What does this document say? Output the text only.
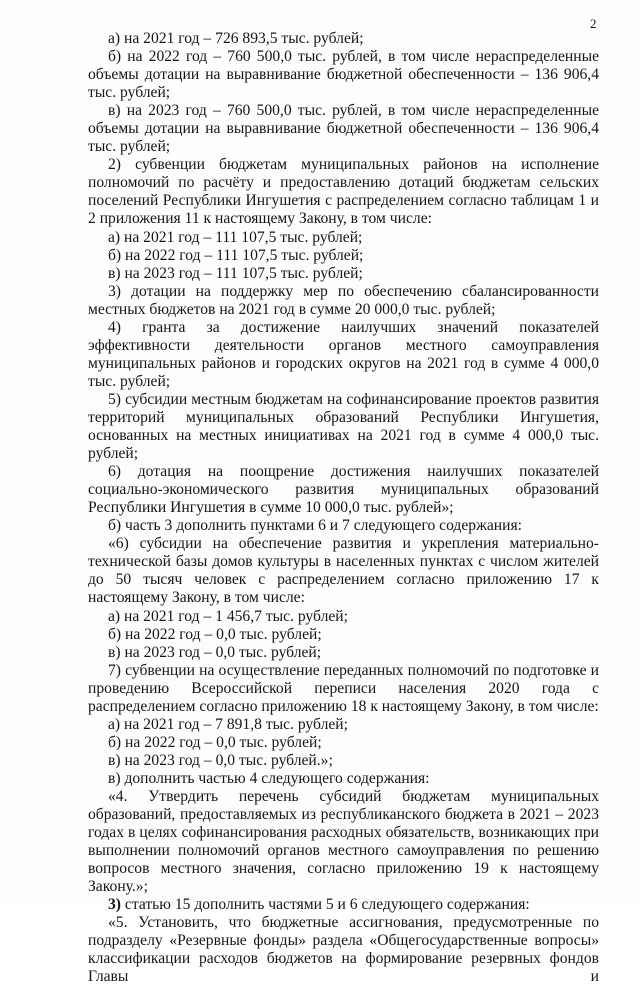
2

а) на 2021 год – 726 893,5 тыс. рублей;

б) на 2022 год – 760 500,0 тыс. рублей, в том числе нераспределенные объемы дотации на выравнивание бюджетной обеспеченности – 136 906,4 тыс. рублей;

в) на 2023 год – 760 500,0 тыс. рублей, в том числе нераспределенные объемы дотации на выравнивание бюджетной обеспеченности – 136 906,4 тыс. рублей;

2) субвенции бюджетам муниципальных районов на исполнение полномочий по расчёту и предоставлению дотаций бюджетам сельских поселений Республики Ингушетия с распределением согласно таблицам 1 и 2 приложения 11 к настоящему Закону, в том числе:

а) на 2021 год – 111 107,5 тыс. рублей;

б) на 2022 год – 111 107,5 тыс. рублей;

в) на 2023 год – 111 107,5 тыс. рублей;

3) дотации на поддержку мер по обеспечению сбалансированности местных бюджетов на 2021 год в сумме 20 000,0 тыс. рублей;

4) гранта за достижение наилучших значений показателей эффективности деятельности органов местного самоуправления муниципальных районов и городских округов на 2021 год в сумме 4 000,0 тыс. рублей;

5) субсидии местным бюджетам на софинансирование проектов развития территорий муниципальных образований Республики Ингушетия, основанных на местных инициативах на 2021 год в сумме 4 000,0 тыс. рублей;

6) дотация на поощрение достижения наилучших показателей социально-экономического развития муниципальных образований Республики Ингушетия в сумме 10 000,0 тыс. рублей»;

б) часть 3 дополнить пунктами 6 и 7 следующего содержания:

«6) субсидии на обеспечение развития и укрепления материально-технической базы домов культуры в населенных пунктах с числом жителей до 50 тысяч человек с распределением согласно приложению 17 к настоящему Закону, в том числе:

а) на 2021 год – 1 456,7 тыс. рублей;

б) на 2022 год – 0,0 тыс. рублей;

в) на 2023 год – 0,0 тыс. рублей;

7) субвенции на осуществление переданных полномочий по подготовке и проведению Всероссийской переписи населения 2020 года с распределением согласно приложению 18 к настоящему Закону, в том числе:

а) на 2021 год – 7 891,8 тыс. рублей;

б) на 2022 год – 0,0 тыс. рублей;

в) на 2023 год – 0,0 тыс. рублей.»;

в) дополнить частью 4 следующего содержания:

«4. Утвердить перечень субсидий бюджетам муниципальных образований, предоставляемых из республиканского бюджета в 2021 – 2023 годах в целях софинансирования расходных обязательств, возникающих при выполнении полномочий органов местного самоуправления по решению вопросов местного значения, согласно приложению 19 к настоящему Закону.»;

3) статью 15 дополнить частями 5 и 6 следующего содержания:

«5. Установить, что бюджетные ассигнования, предусмотренные по подразделу «Резервные фонды» раздела «Общегосударственные вопросы» классификации расходов бюджетов на формирование резервных фондов Главы и
